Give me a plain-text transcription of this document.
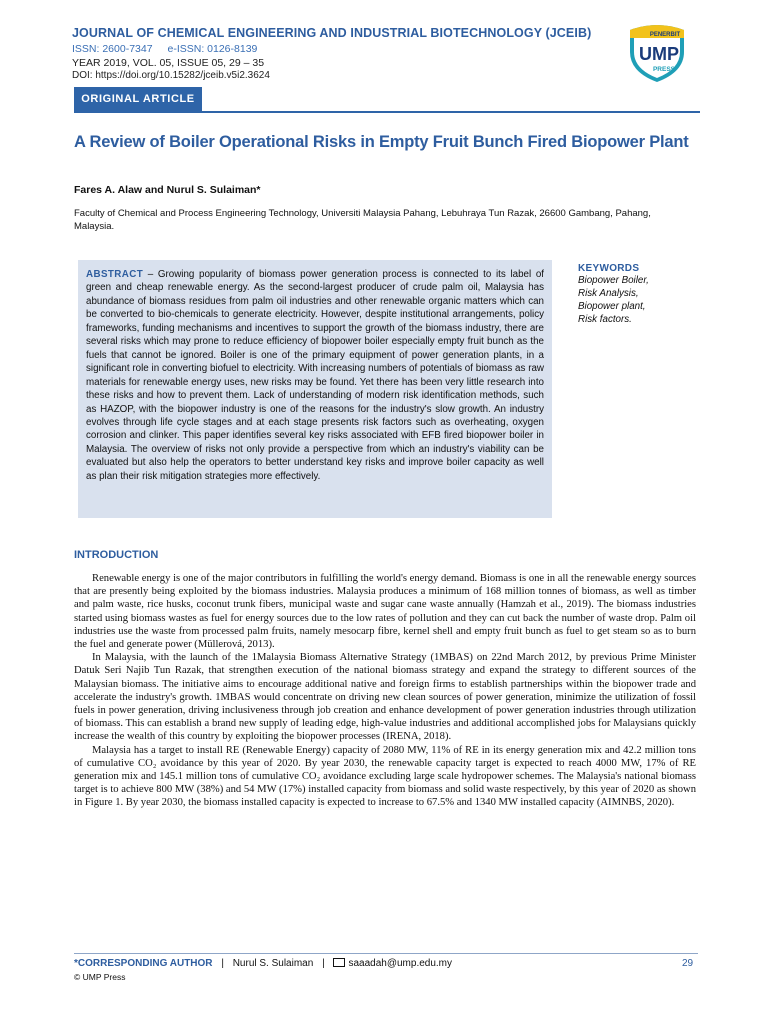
JOURNAL OF CHEMICAL ENGINEERING AND INDUSTRIAL BIOTECHNOLOGY (JCEIB)
ISSN: 2600-7347 e-ISSN: 0126-8139
YEAR 2019, VOL. 05, ISSUE 05, 29 – 35
DOI: https://doi.org/10.15282/jceib.v5i2.3624
PENERBIT
UMP
PRESS
ORIGINAL ARTICLE
A Review of Boiler Operational Risks in Empty Fruit Bunch Fired Biopower Plant
Fares A. Alaw and Nurul S. Sulaiman*
Faculty of Chemical and Process Engineering Technology, Universiti Malaysia Pahang, Lebuhraya Tun Razak, 26600 Gambang, Pahang, Malaysia.

ABSTRACT – Growing popularity of biomass power generation process is connected to its label of green and cheap renewable energy. As the second-largest producer of crude palm oil, Malaysia has abundance of biomass residues from palm oil industries and other renewable organic matters which can be converted to bio-chemicals to generate electricity. However, despite institutional arrangements, policy frameworks, funding mechanisms and incentives to support the growth of the biomass industry, there are several risks which may prone to reduce efficiency of biopower boiler especially empty fruit bunch as the fuels that cannot be ignored. Boiler is one of the primary equipment of power generation plants, in a significant role in converting biofuel to electricity. With increasing numbers of potentials of biomass as raw materials for renewable energy uses, new risks may be found. Yet there has been very little research into these risks and how to prevent them. Lack of understanding of modern risk identification methods, such as HAZOP, with the biopower industry is one of the reasons for the industry's slow growth. An industry evolves through life cycle stages and at each stage presents risk factors such as overheating, oxygen corrosion and clinker. This paper identifies several key risks associated with EFB fired biopower boiler in Malaysia. The overview of risks not only provide a perspective from which an industry's viability can be evaluated but also help the operators to better understand key risks and improve boiler capacity as well as plan their risk mitigation strategies more effectively.

KEYWORDS
Biopower Boiler,
Risk Analysis,
Biopower plant,
Risk factors.
INTRODUCTION

Renewable energy is one of the major contributors in fulfilling the world's energy demand. Biomass is one in all the renewable energy sources that are presently being exploited by the biomass industries. Malaysia produces a minimum of 168 million tonnes of biomass, as well as timber and palm waste, rice husks, coconut trunk fibers, municipal waste and sugar cane waste annually (Hamzah et al., 2019). The biomass industries started using biomass wastes as fuel for energy sources due to the low rates of pollution and they can cut back the number of waste drop. Palm oil industries use the waste from processed palm fruits, namely mesocarp fibre, kernel shell and empty fruit bunch as fuel to get steam so as to burn the fuel and generate power (Müllerová, 2013).

In Malaysia, with the launch of the 1Malaysia Biomass Alternative Strategy (1MBAS) on 22nd March 2012, by previous Prime Minister Datuk Seri Najib Tun Razak, that strengthen execution of the national biomass strategy and expand the strategy to different sources of the Malaysian biomass. The initiative aims to encourage additional native and foreign firms to establish partnerships within the biopower trade and accelerate the industry's growth. 1MBAS would concentrate on driving new clean sources of power generation, minimize the utilization of fossil fuels in power generation, driving inclusiveness through job creation and enhance development of power generation industries through utilization of biomass. This can establish a brand new supply of leading edge, high-value industries and additional accomplished jobs for Malaysians quickly increase the wealth of this country by exploiting the biopower processes (IRENA, 2018).

Malaysia has a target to install RE (Renewable Energy) capacity of 2080 MW, 11% of RE in its energy generation mix and 42.2 million tons of cumulative CO₂ avoidance by this year of 2020. By year 2030, the renewable capacity target is expected to reach 4000 MW, 17% of RE generation mix and 145.1 million tons of cumulative CO₂ avoidance excluding large scale hydropower schemes. The Malaysia's national biomass target is to achieve 800 MW (38%) and 54 MW (17%) installed capacity from biomass and solid waste respectively, by this year of 2020 as shown in Figure 1. By year 2030, the biomass installed capacity is expected to increase to 67.5% and 1340 MW installed capacity (AIMNBS, 2020).

*CORRESPONDING AUTHOR | Nurul S. Sulaiman | saaadah@ump.edu.my	29
© UMP Press
